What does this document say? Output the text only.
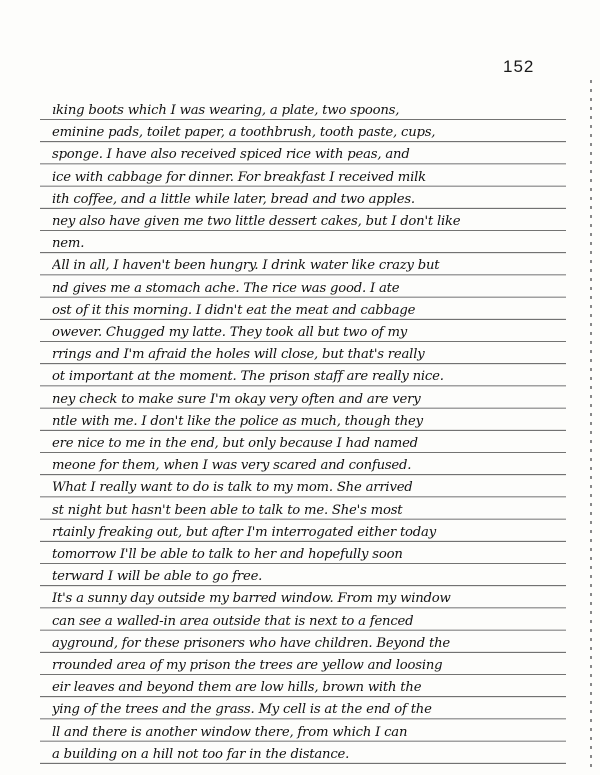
152
ıking boots which I was wearing, a plate, two spoons,
eminine pads, toilet paper, a toothbrush, tooth paste, cups,
sponge. I have also received spiced rice with peas, and
ice with cabbage for dinner. For breakfast I received milk
ith coffee, and a little while later, bread and two apples.
ney also have given me two little dessert cakes, but I don't like
nem.
All in all, I haven't been hungry. I drink water like crazy but
nd gives me a stomach ache. The rice was good. I ate
ost of it this morning. I didn't eat the meat and cabbage
owever. Chugged my latte. They took all but two of my
rrings and I'm afraid the holes will close, but that's really
ot important at the moment. The prison staff are really nice.
ney check to make sure I'm okay very often and are very
ntle with me. I don't like the police as much, though they
ere nice to me in the end, but only because I had named
meone for them, when I was very scared and confused.
What I really want to do is talk to my mom. She arrived
st night but hasn't been able to talk to me. She's most
rtainly freaking out, but after I'm interrogated either today
tomorrow I'll be able to talk to her and hopefully soon
terward I will be able to go free.
It's a sunny day outside my barred window. From my window
can see a walled-in area outside that is next to a fenced
ayground, for these prisoners who have children. Beyond the
rrounded area of my prison the trees are yellow and loosing
eir leaves and beyond them are low hills, brown with the
ying of the trees and the grass. My cell is at the end of the
ll and there is another window there, from which I can
a building on a hill not too far in the distance.
